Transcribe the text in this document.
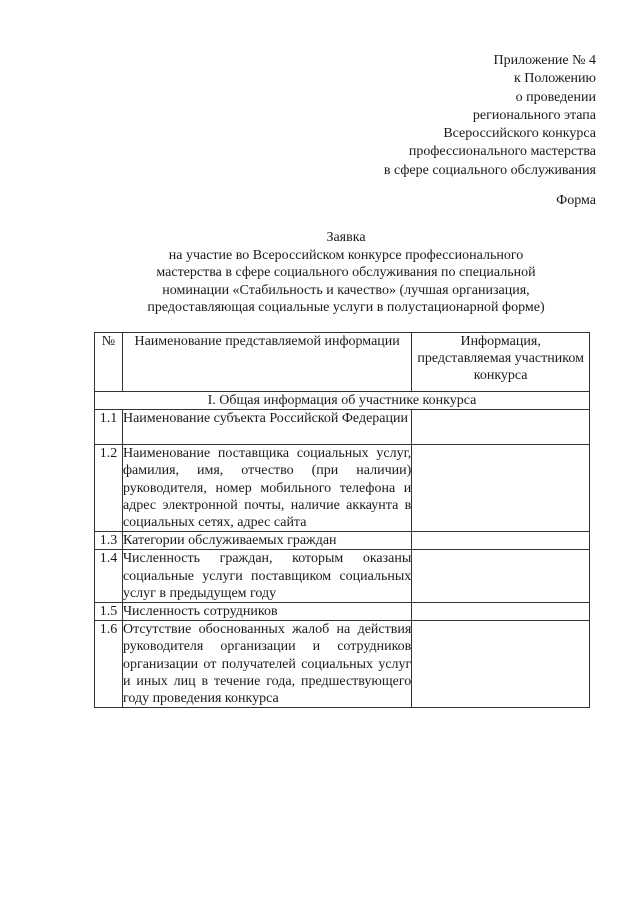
Приложение № 4
к Положению
о проведении
регионального этапа
Всероссийского конкурса
профессионального мастерства
в сфере социального обслуживания
Форма
Заявка
на участие во Всероссийском конкурсе профессионального
мастерства в сфере социального обслуживания по специальной
номинации «Стабильность и качество» (лучшая организация,
предоставляющая социальные услуги в полустационарной форме)
№	Наименование представляемой информации	Информация, представляемая участником конкурса
I. Общая информация об участнике конкурса		
1.1	Наименование субъекта Российской Федерации	
1.2	Наименование поставщика социальных услуг, фамилия, имя, отчество (при наличии) руководителя, номер мобильного телефона и адрес электронной почты, наличие аккаунта в социальных сетях, адрес сайта	
1.3	Категории обслуживаемых граждан	
1.4	Численность граждан, которым оказаны социальные услуги поставщиком социальных услуг в предыдущем году	
1.5	Численность сотрудников	
1.6	Отсутствие обоснованных жалоб на действия руководителя организации и сотрудников организации от получателей социальных услуг и иных лиц в течение года, предшествующего году проведения конкурса	
